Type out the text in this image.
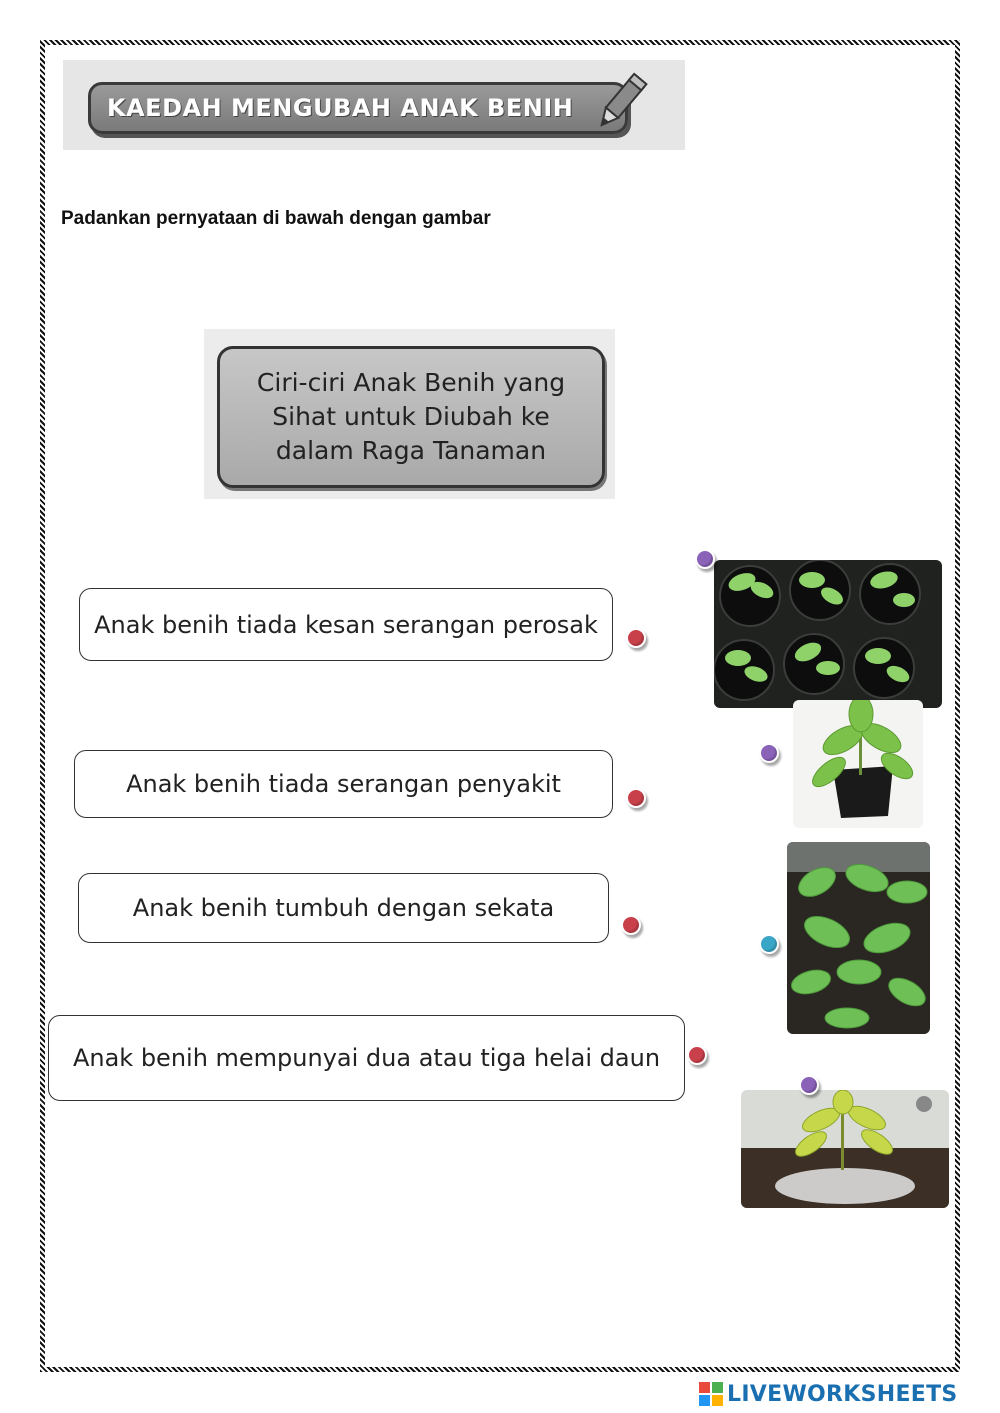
KAEDAH MENGUBAH ANAK BENIH
Padankan pernyataan di bawah dengan gambar
Ciri-ciri Anak Benih yang
Sihat untuk Diubah ke
dalam Raga Tanaman
Anak benih tiada kesan serangan perosak
Anak benih tiada serangan penyakit
Anak benih tumbuh dengan sekata
Anak benih mempunyai dua atau tiga helai daun
LIVEWORKSHEETS
